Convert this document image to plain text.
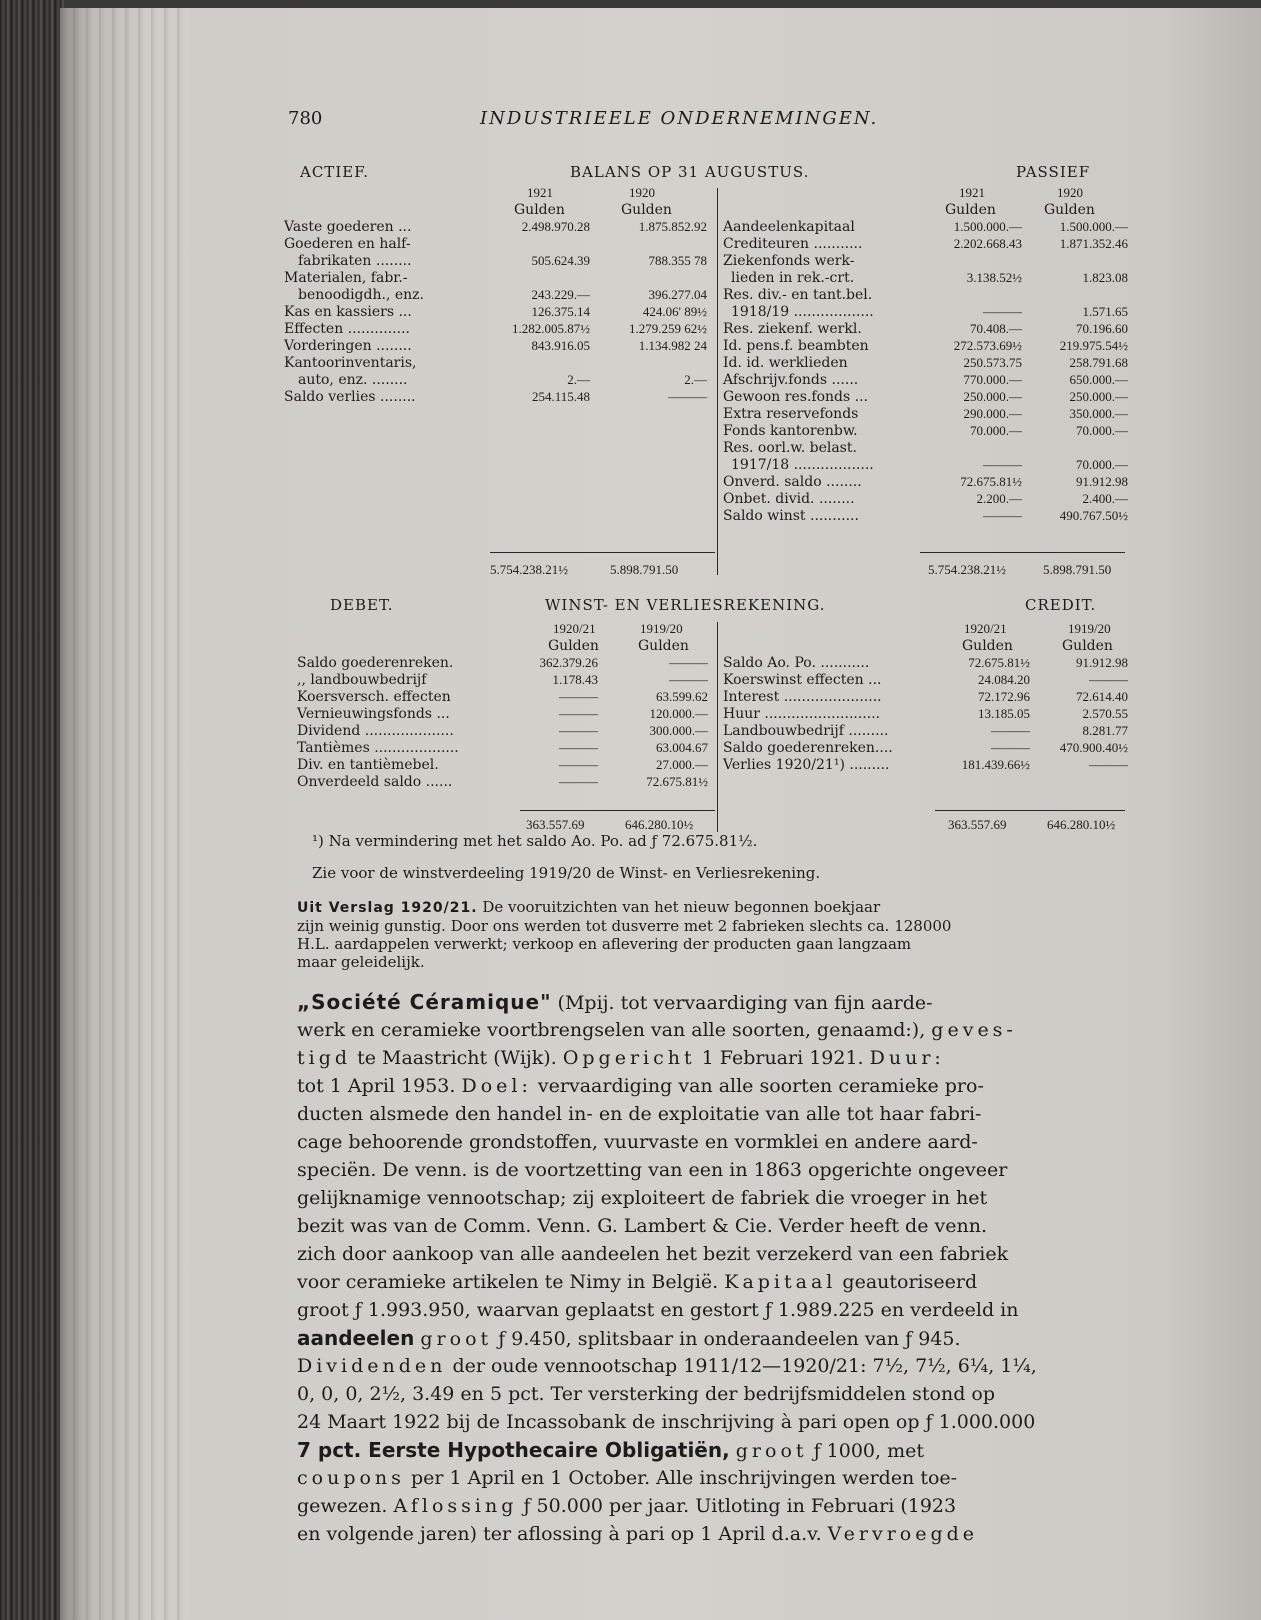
780	INDUSTRIEELE ONDERNEMINGEN.
ACTIEF.	BALANS OP 31 AUGUSTUS.	PASSIEF
1921	1920
Gulden	Gulden
1921	1920
Gulden	Gulden
Vaste goederen ...	2.498.970.28	1.875.852.92
Goederen en half-
fabrikaten ........	505.624.39	788.355 78
Materialen, fabr.-
benoodigdh., enz.	243.229.—	396.277.04
Kas en kassiers ...	126.375.14	424.06' 89½
Effecten ..............	1.282.005.87½	1.279.259 62½
Vorderingen ........	843.916.05	1.134.982 24
Kantoorinventaris,
auto, enz. ........	2.—	2.—
Saldo verlies ........	254.115.48	———
Aandeelenkapitaal	1.500.000.—	1.500.000.—
Crediteuren ...........	2.202.668.43	1.871.352.46
Ziekenfonds werk-
lieden in rek.-crt.	3.138.52½	1.823.08
Res. div.- en tant.bel.
1918/19 ..................	———	1.571.65
Res. ziekenf. werkl.	70.408.—	70.196.60
Id. pens.f. beambten	272.573.69½	219.975.54½
Id. id. werklieden	250.573.75	258.791.68
Afschrijv.fonds ......	770.000.—	650.000.—
Gewoon res.fonds ...	250.000.—	250.000.—
Extra reservefonds	290.000.—	350.000.—
Fonds kantorenbw.	70.000.—	70.000.—
Res. oorl.w. belast.
1917/18 ..................	———	70.000.—
Onverd. saldo ........	72.675.81½	91.912.98
Onbet. divid. ........	2.200.—	2.400.—
Saldo winst ...........	———	490.767.50½
5.754.238.21½	5.898.791.50	5.754.238.21½	5.898.791.50
DEBET.	WINST- EN VERLIESREKENING.	CREDIT.
1920/21	1919/20
Gulden	Gulden
1920/21	1919/20
Gulden	Gulden
Saldo goederenreken.	362.379.26	———
,, landbouwbedrijf	1.178.43	———
Koersversch. effecten	———	63.599.62
Vernieuwingsfonds ...	———	120.000.—
Dividend ....................	———	300.000.—
Tantièmes ...................	———	63.004.67
Div. en tantièmebel.	———	27.000.—
Onverdeeld saldo ......	———	72.675.81½
Saldo Ao. Po. ...........	72.675.81½	91.912.98
Koerswinst effecten ...	24.084.20	———
Interest ......................	72.172.96	72.614.40
Huur ..........................	13.185.05	2.570.55
Landbouwbedrijf .........	———	8.281.77
Saldo goederenreken....	——— 470.900.40½
Verlies 1920/21¹) .........	181.439.66½	———
363.557.69	646.280.10½	363.557.69	646.280.10½
¹) Na vermindering met het saldo Ao. Po. ad ƒ 72.675.81½.
Zie voor de winstverdeeling 1919/20 de Winst- en Verliesrekening.
Uit Verslag 1920/21. De vooruitzichten van het nieuw begonnen boekjaar
zijn weinig gunstig. Door ons werden tot dusverre met 2 fabrieken slechts ca. 128000
H.L. aardappelen verwerkt; verkoop en aflevering der producten gaan langzaam
maar geleidelijk.
„Société Céramique" (Mpij. tot vervaardiging van fijn aarde-
werk en ceramieke voortbrengselen van alle soorten, genaamd:), geves-
tigd te Maastricht (Wijk). Opgericht 1 Februari 1921. Duur:
tot 1 April 1953. Doel: vervaardiging van alle soorten ceramieke pro-
ducten alsmede den handel in- en de exploitatie van alle tot haar fabri-
cage behoorende grondstoffen, vuurvaste en vormklei en andere aard-
speciën. De venn. is de voortzetting van een in 1863 opgerichte ongeveer
gelijknamige vennootschap; zij exploiteert de fabriek die vroeger in het
bezit was van de Comm. Venn. G. Lambert & Cie. Verder heeft de venn.
zich door aankoop van alle aandeelen het bezit verzekerd van een fabriek
voor ceramieke artikelen te Nimy in België. Kapitaal geautoriseerd
groot ƒ 1.993.950, waarvan geplaatst en gestort ƒ 1.989.225 en verdeeld in
aandeelen groot ƒ 9.450, splitsbaar in onderaandeelen van ƒ 945.
Dividenden der oude vennootschap 1911/12—1920/21: 7½, 7½, 6¼, 1¼,
0, 0, 0, 2½, 3.49 en 5 pct. Ter versterking der bedrijfsmiddelen stond op
24 Maart 1922 bij de Incassobank de inschrijving à pari open op ƒ 1.000.000
7 pct. Eerste Hypothecaire Obligatiën, groot ƒ 1000, met
coupons per 1 April en 1 October. Alle inschrijvingen werden toe-
gewezen. Aflossing ƒ 50.000 per jaar. Uitloting in Februari (1923
en volgende jaren) ter aflossing à pari op 1 April d.a.v. Vervroegde
